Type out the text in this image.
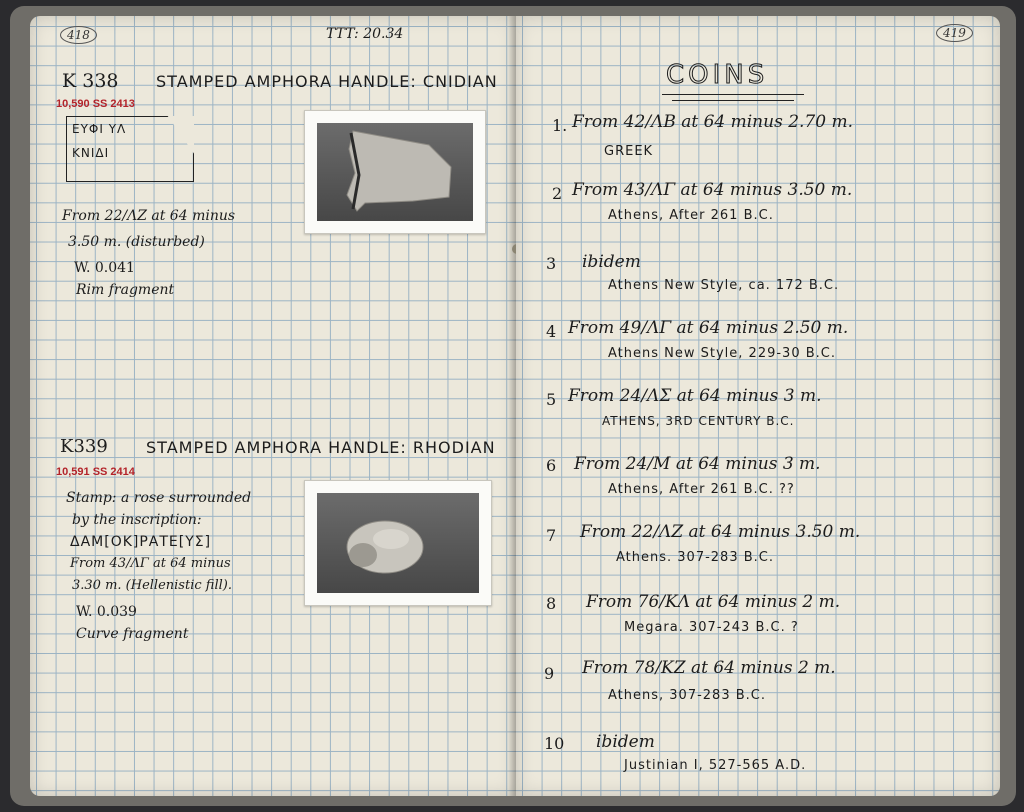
418	TTT: 20.34
K 338 STAMPED AMPHORA HANDLE: CNIDIAN
10,590 SS 2413
ΕΥΦΙ ΥΛ
ΚΝΙΔΙ
From 22/ΛΖ at 64 minus
3.50 m. (disturbed)
W. 0.041
Rim fragment
K339 STAMPED AMPHORA HANDLE: RHODIAN
10,591 SS 2414
Stamp: a rose surrounded
by the inscription:
ΔΑΜ[ΟΚ]ΡΑΤΕ[ΥΣ]
From 43/ΛΓ at 64 minus
3.30 m. (Hellenistic fill).
W. 0.039
Curve fragment
419
COINS
1. From 42/ΛΒ at 64 minus 2.70 m.
GREEK
2 From 43/ΛΓ at 64 minus 3.50 m.
Athens, After 261 B.C.
3 ibidem
Athens New Style, ca. 172 B.C.
4 From 49/ΛΓ at 64 minus 2.50 m.
Athens New Style, 229-30 B.C.
5 From 24/ΛΣ at 64 minus 3 m.
ATHENS, 3RD CENTURY B.C.
6 From 24/M at 64 minus 3 m.
Athens, After 261 B.C. ??
7 From 22/ΛΖ at 64 minus 3.50 m.
Athens. 307-283 B.C.
8 From 76/ΚΛ at 64 minus 2 m.
Megara. 307-243 B.C. ?
9 From 78/ΚΖ at 64 minus 2 m.
Athens, 307-283 B.C.
10 ibidem
Justinian I, 527-565 A.D.
